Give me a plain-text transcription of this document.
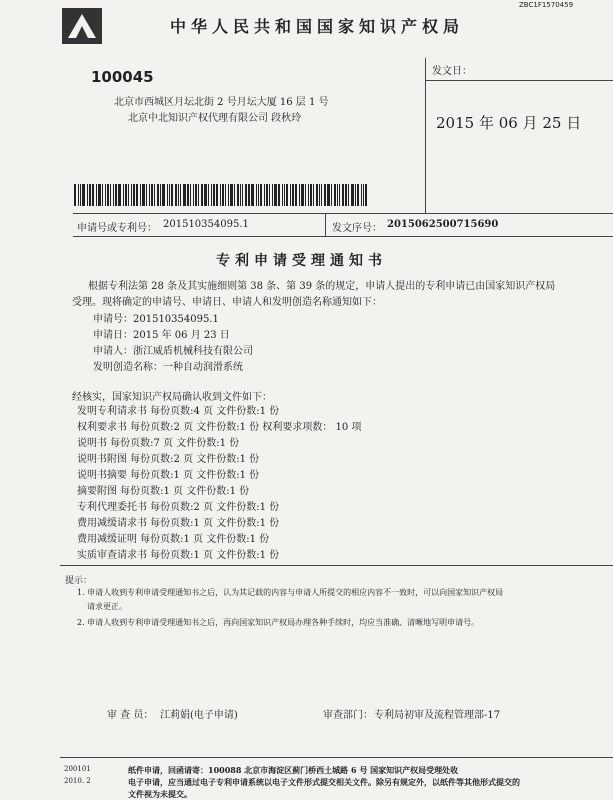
中华人民共和国国家知识产权局
ZBC1F1570459
100045
北京市西城区月坛北街 2 号月坛大厦 16 层 1 号
北京中北知识产权代理有限公司 段秋玲
发文日：
2015 年 06 月 25 日
申请号或专利号： 201510354095.1	发文序号： 2015062500715690
专利申请受理通知书
根据专利法第 28 条及其实施细则第 38 条、第 39 条的规定，申请人提出的专利申请已由国家知识产权局
受理。现将确定的申请号、申请日、申请人和发明创造名称通知如下：
申请号：201510354095.1
申请日：2015 年 06 月 23 日
申请人：浙江威盾机械科技有限公司
发明创造名称：一种自动润滑系统
经核实，国家知识产权局确认收到文件如下：
发明专利请求书 每份页数:4 页 文件份数:1 份
权利要求书 每份页数:2 页 文件份数:1 份 权利要求项数： 10 项
说明书 每份页数:7 页 文件份数:1 份
说明书附图 每份页数:2 页 文件份数:1 份
说明书摘要 每份页数:1 页 文件份数:1 份
摘要附图 每份页数:1 页 文件份数:1 份
专利代理委托书 每份页数:2 页 文件份数:1 份
费用减缓请求书 每份页数:1 页 文件份数:1 份
费用减缓证明 每份页数:1 页 文件份数:1 份
实质审查请求书 每份页数:1 页 文件份数:1 份
提示：
1. 申请人收到专利申请受理通知书之后，认为其记载的内容与申请人所提交的相应内容不一致时，可以向国家知识产权局
请求更正。
2. 申请人收到专利申请受理通知书之后，再向国家知识产权局办理各种手续时，均应当准确、清晰地写明申请号。
审 查 员： 江莉娟(电子申请)	审查部门： 专利局初审及流程管理部-17
200101
2010. 2
纸件申请，回函请寄：100088 北京市海淀区蓟门桥西土城路 6 号 国家知识产权局受理处收
电子申请，应当通过电子专利申请系统以电子文件形式提交相关文件。除另有规定外，以纸件等其他形式提交的
文件视为未提交。
